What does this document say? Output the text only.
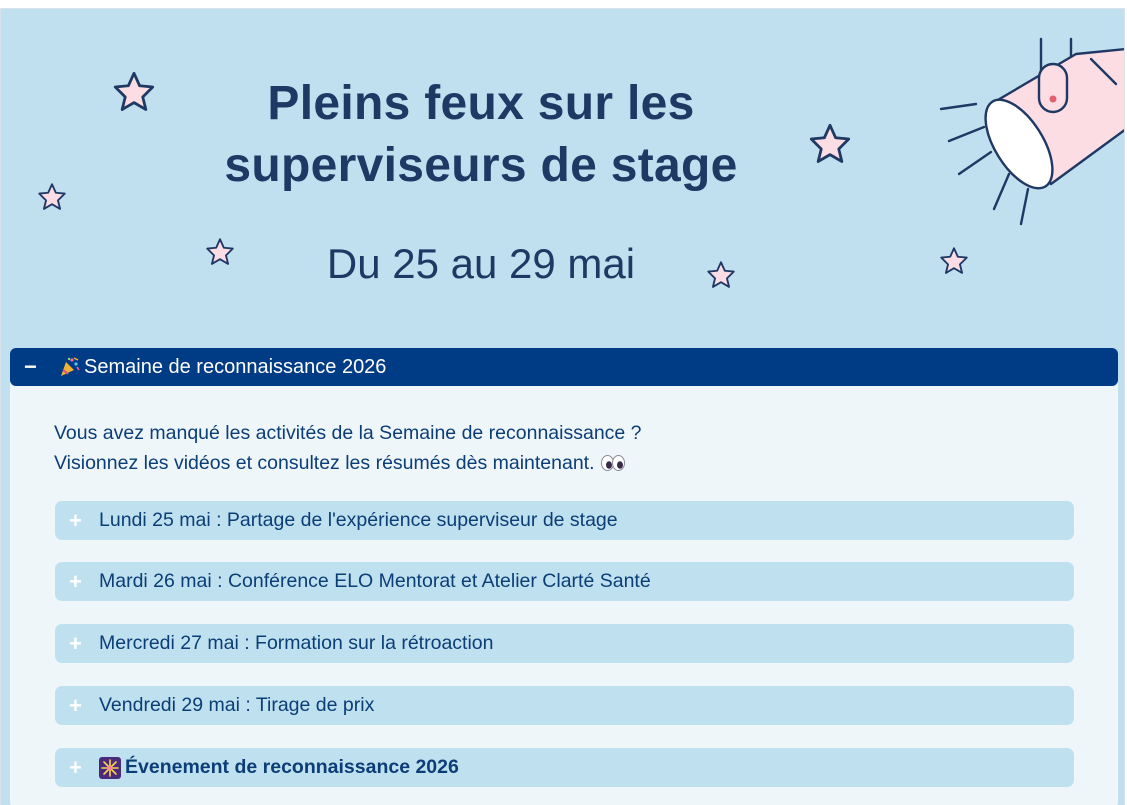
Pleins feux sur les
superviseurs de stage
Du 25 au 29 mai
−	Semaine de reconnaissance 2026
Vous avez manqué les activités de la Semaine de reconnaissance ?
Visionnez les vidéos et consultez les résumés dès maintenant.
+ Lundi 25 mai : Partage de l'expérience superviseur de stage
+ Mardi 26 mai : Conférence ELO Mentorat et Atelier Clarté Santé
+ Mercredi 27 mai : Formation sur la rétroaction
+ Vendredi 29 mai : Tirage de prix
+	Évenement de reconnaissance 2026
